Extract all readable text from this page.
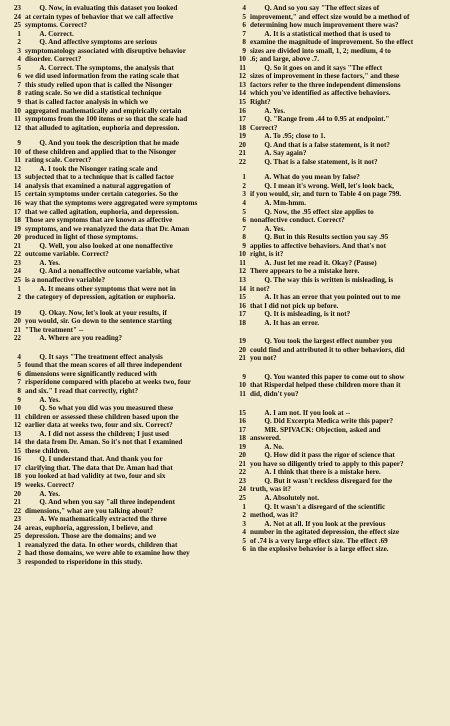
23 Q. Now, in evaluating this dataset you looked
24 at certain types of behavior that we call affective
25 symptoms. Correct?
1 A. Correct.
2 Q. And affective symptoms are serious
3 symptomatology associated with disruptive behavior
4 disorder. Correct?
5 A. Correct. The symptoms, the analysis that
6 we did used information from the rating scale that
7 this study relied upon that is called the Nisonger
8 rating scale. So we did a statistical technique
9 that is called factor analysis in which we
10 aggregated mathematically and empirically certain
11 symptoms from the 100 items or so that the scale had
12 that alluded to agitation, euphoria and depression.
9 Q. And you took the description that he made
10 of these children and applied that to the Nisonger
11 rating scale. Correct?
12 A. I took the Nisonger rating scale and
13 subjected that to a technique that is called factor
14 analysis that examined a natural aggregation of
15 certain symptoms under certain categories. So the
16 way that the symptoms were aggregated were symptoms
17 that we called agitation, euphoria, and depression.
18 Those are symptoms that are known as affective
19 symptoms, and we reanalyzed the data that Dr. Aman
20 produced in light of those symptoms.
21 Q. Well, you also looked at one nonaffective
22 outcome variable. Correct?
23 A. Yes.
24 Q. And a nonaffective outcome variable, what
25 is a nonaffective variable?
1 A. It means other symptoms that were not in
2 the category of depression, agitation or euphoria.
19 Q. Okay. Now, let's look at your results, if
20 you would, sir. Go down to the sentence starting
21 "The treatment" --
22 A. Where are you reading?
4 Q. It says "The treatment effect analysis
5 found that the mean scores of all three independent
6 dimensions were significantly reduced with
7 risperidone compared with placebo at weeks two, four
8 and six." I read that correctly, right?
9 A. Yes.
10 Q. So what you did was you measured these
11 children or assessed these children based upon the
12 earlier data at weeks two, four and six. Correct?
13 A. I did not assess the children; I just used
14 the data from Dr. Aman. So it's not that I examined
15 these children.
16 Q. I understand that. And thank you for
17 clarifying that. The data that Dr. Aman had that
18 you looked at had validity at two, four and six
19 weeks. Correct?
20 A. Yes.
21 Q. And when you say "all three independent
22 dimensions," what are you talking about?
23 A. We mathematically extracted the three
24 areas, euphoria, aggression, I believe, and
25 depression. Those are the domains; and we
1 reanalyzed the data. In other words, children that
2 had those domains, we were able to examine how they
3 responded to risperidone in this study.
4 Q. And so you say "The effect sizes of
5 improvement," and effect size would be a method of
6 determining how much improvement there was?
7 A. It is a statistical method that is used to
8 examine the magnitude of improvement. So the effect
9 sizes are divided into small, 1, 2; medium, 4 to
10 .6; and large, above .7.
11 Q. So it goes on and it says "The effect
12 sizes of improvement in these factors," and these
13 factors refer to the three independent dimensions
14 which you've identified as affective behaviors.
15 Right?
16 A. Yes.
17 Q. "Range from .44 to 0.95 at endpoint."
18 Correct?
19 A. To .95; close to 1.
20 Q. And that is a false statement, is it not?
21 A. Say again?
22 Q. That is a false statement, is it not?
1 A. What do you mean by false?
2 Q. I mean it's wrong. Well, let's look back,
3 if you would, sir, and turn to Table 4 on page 799.
4 A. Mm-hmm.
5 Q. Now, the .95 effect size applies to
6 nonaffective conduct. Correct?
7 A. Yes.
8 Q. But in this Results section you say .95
9 applies to affective behaviors. And that's not
10 right, is it?
11 A. Just let me read it. Okay? (Pause)
12 There appears to be a mistake here.
13 Q. The way this is written is misleading, is
14 it not?
15 A. It has an error that you pointed out to me
16 that I did not pick up before.
17 Q. It is misleading, is it not?
18 A. It has an error.
19 Q. You took the largest effect number you
20 could find and attributed it to other behaviors, did
21 you not?
9 Q. You wanted this paper to come out to show
10 that Risperdal helped these children more than it
11 did, didn't you?
15 A. I am not. If you look at --
16 Q. Did Excerpta Medica write this paper?
17 MR. SPIVACK: Objection, asked and
18 answered.
19 A. No.
20 Q. How did it pass the rigor of science that
21 you have so diligently tried to apply to this paper?
22 A. I think that there is a mistake here.
23 Q. But it wasn't reckless disregard for the
24 truth, was it?
25 A. Absolutely not.
1 Q. It wasn't a disregard of the scientific
2 method, was it?
3 A. Not at all. If you look at the previous
4 number in the agitated depression, the effect size
5 of .74 is a very large effect size. The effect .69
6 in the explosive behavior is a large effect size.
